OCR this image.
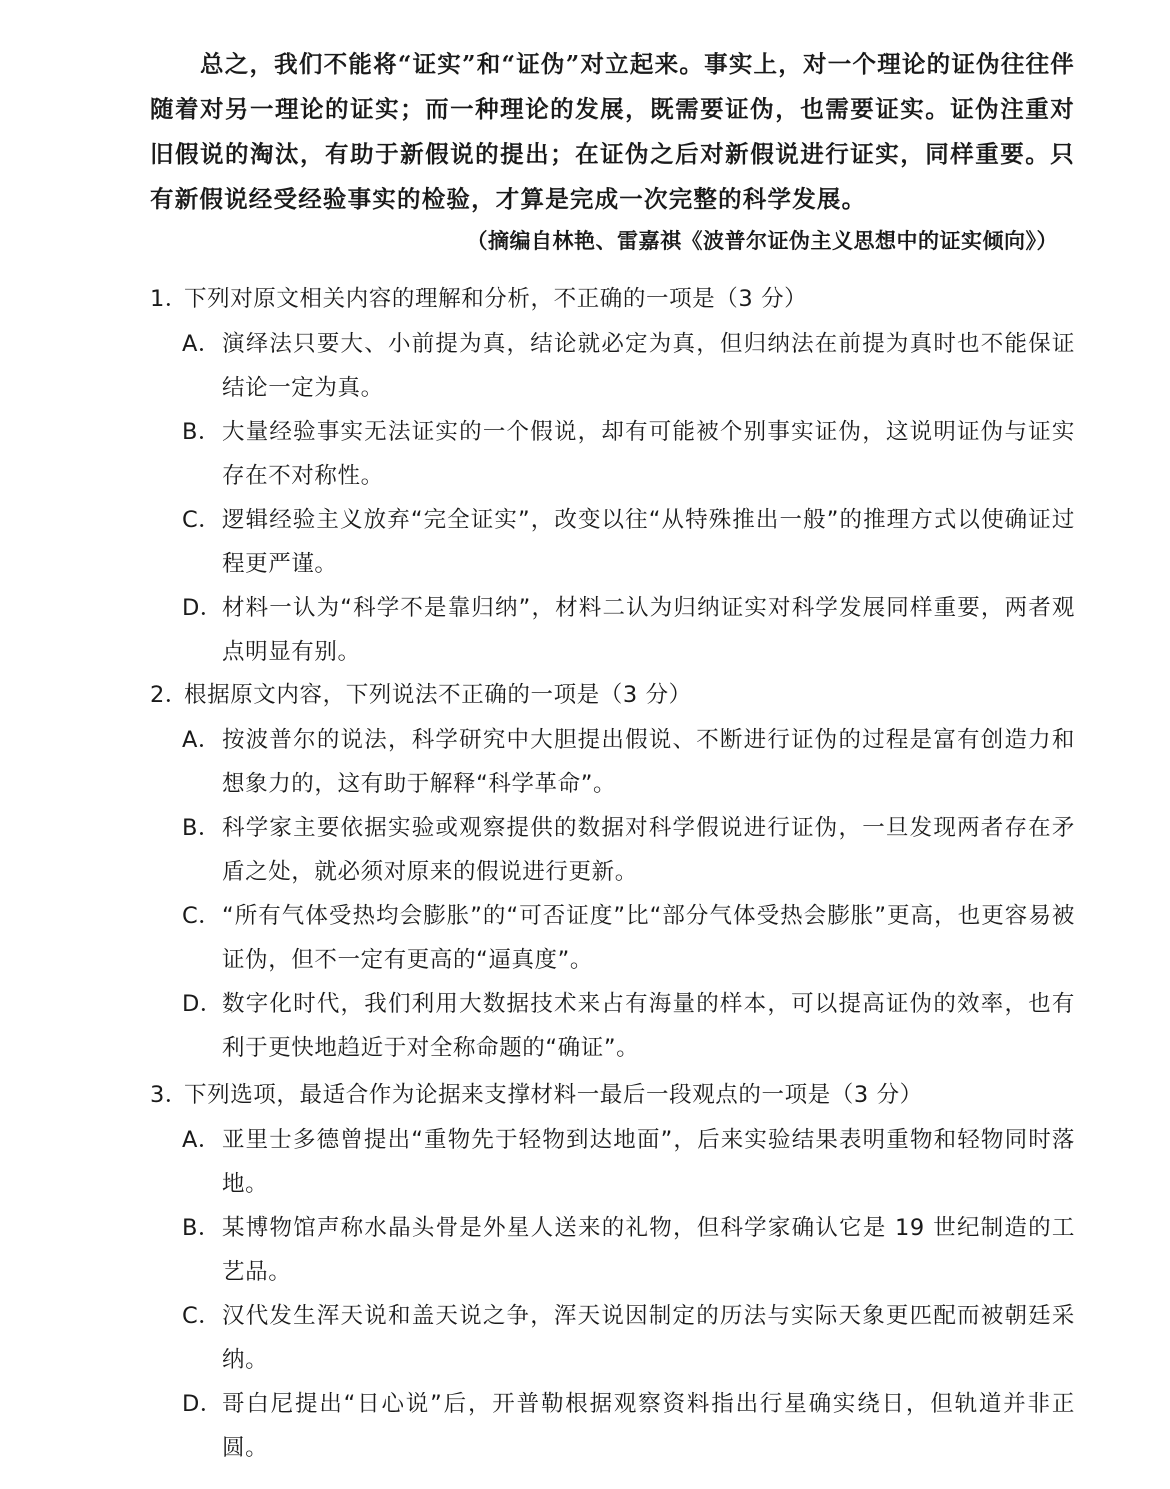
总之，我们不能将“证实”和“证伪”对立起来。事实上，对一个理论的证伪往往伴随着对另一理论的证实；而一种理论的发展，既需要证伪，也需要证实。证伪注重对旧假说的淘汰，有助于新假说的提出；在证伪之后对新假说进行证实，同样重要。只有新假说经受经验事实的检验，才算是完成一次完整的科学发展。

（摘编自林艳、雷嘉祺《波普尔证伪主义思想中的证实倾向》）

1．下列对原文相关内容的理解和分析，不正确的一项是（3 分）

A． 演绎法只要大、小前提为真，结论就必定为真，但归纳法在前提为真时也不能保证结论一定为真。
B． 大量经验事实无法证实的一个假说，却有可能被个别事实证伪，这说明证伪与证实存在不对称性。
C． 逻辑经验主义放弃“完全证实”，改变以往“从特殊推出一般”的推理方式以使确证过程更严谨。
D．
材料一认为“科学不是靠归纳”，材料二认为归纳证实对科学发展同样重要，两者观点明显有别。

2．根据原文内容，下列说法不正确的一项是（3 分）

A． 按波普尔的说法，科学研究中大胆提出假说、不断进行证伪的过程是富有创造力和想象力的，这有助于解释“科学革命”。
B． 科学家主要依据实验或观察提供的数据对科学假说进行证伪，一旦发现两者存在矛盾之处，就必须对原来的假说进行更新。
C． “所有气体受热均会膨胀”的“可否证度”比“部分气体受热会膨胀”更高，也更容易被证伪，但不一定有更高的“逼真度”。
D．
数字化时代，我们利用大数据技术来占有海量的样本，可以提高证伪的效率，也有利于更快地趋近于对全称命题的“确证”。

3．下列选项，最适合作为论据来支撑材料一最后一段观点的一项是（3 分）

A． 亚里士多德曾提出“重物先于轻物到达地面”，后来实验结果表明重物和轻物同时落地。
B． 某博物馆声称水晶头骨是外星人送来的礼物，但科学家确认它是 19 世纪制造的工艺品。
C． 汉代发生浑天说和盖天说之争，浑天说因制定的历法与实际天象更匹配而被朝廷采纳。
D．
哥白尼提出“日心说”后，开普勒根据观察资料指出行星确实绕日，但轨道并非正圆。
